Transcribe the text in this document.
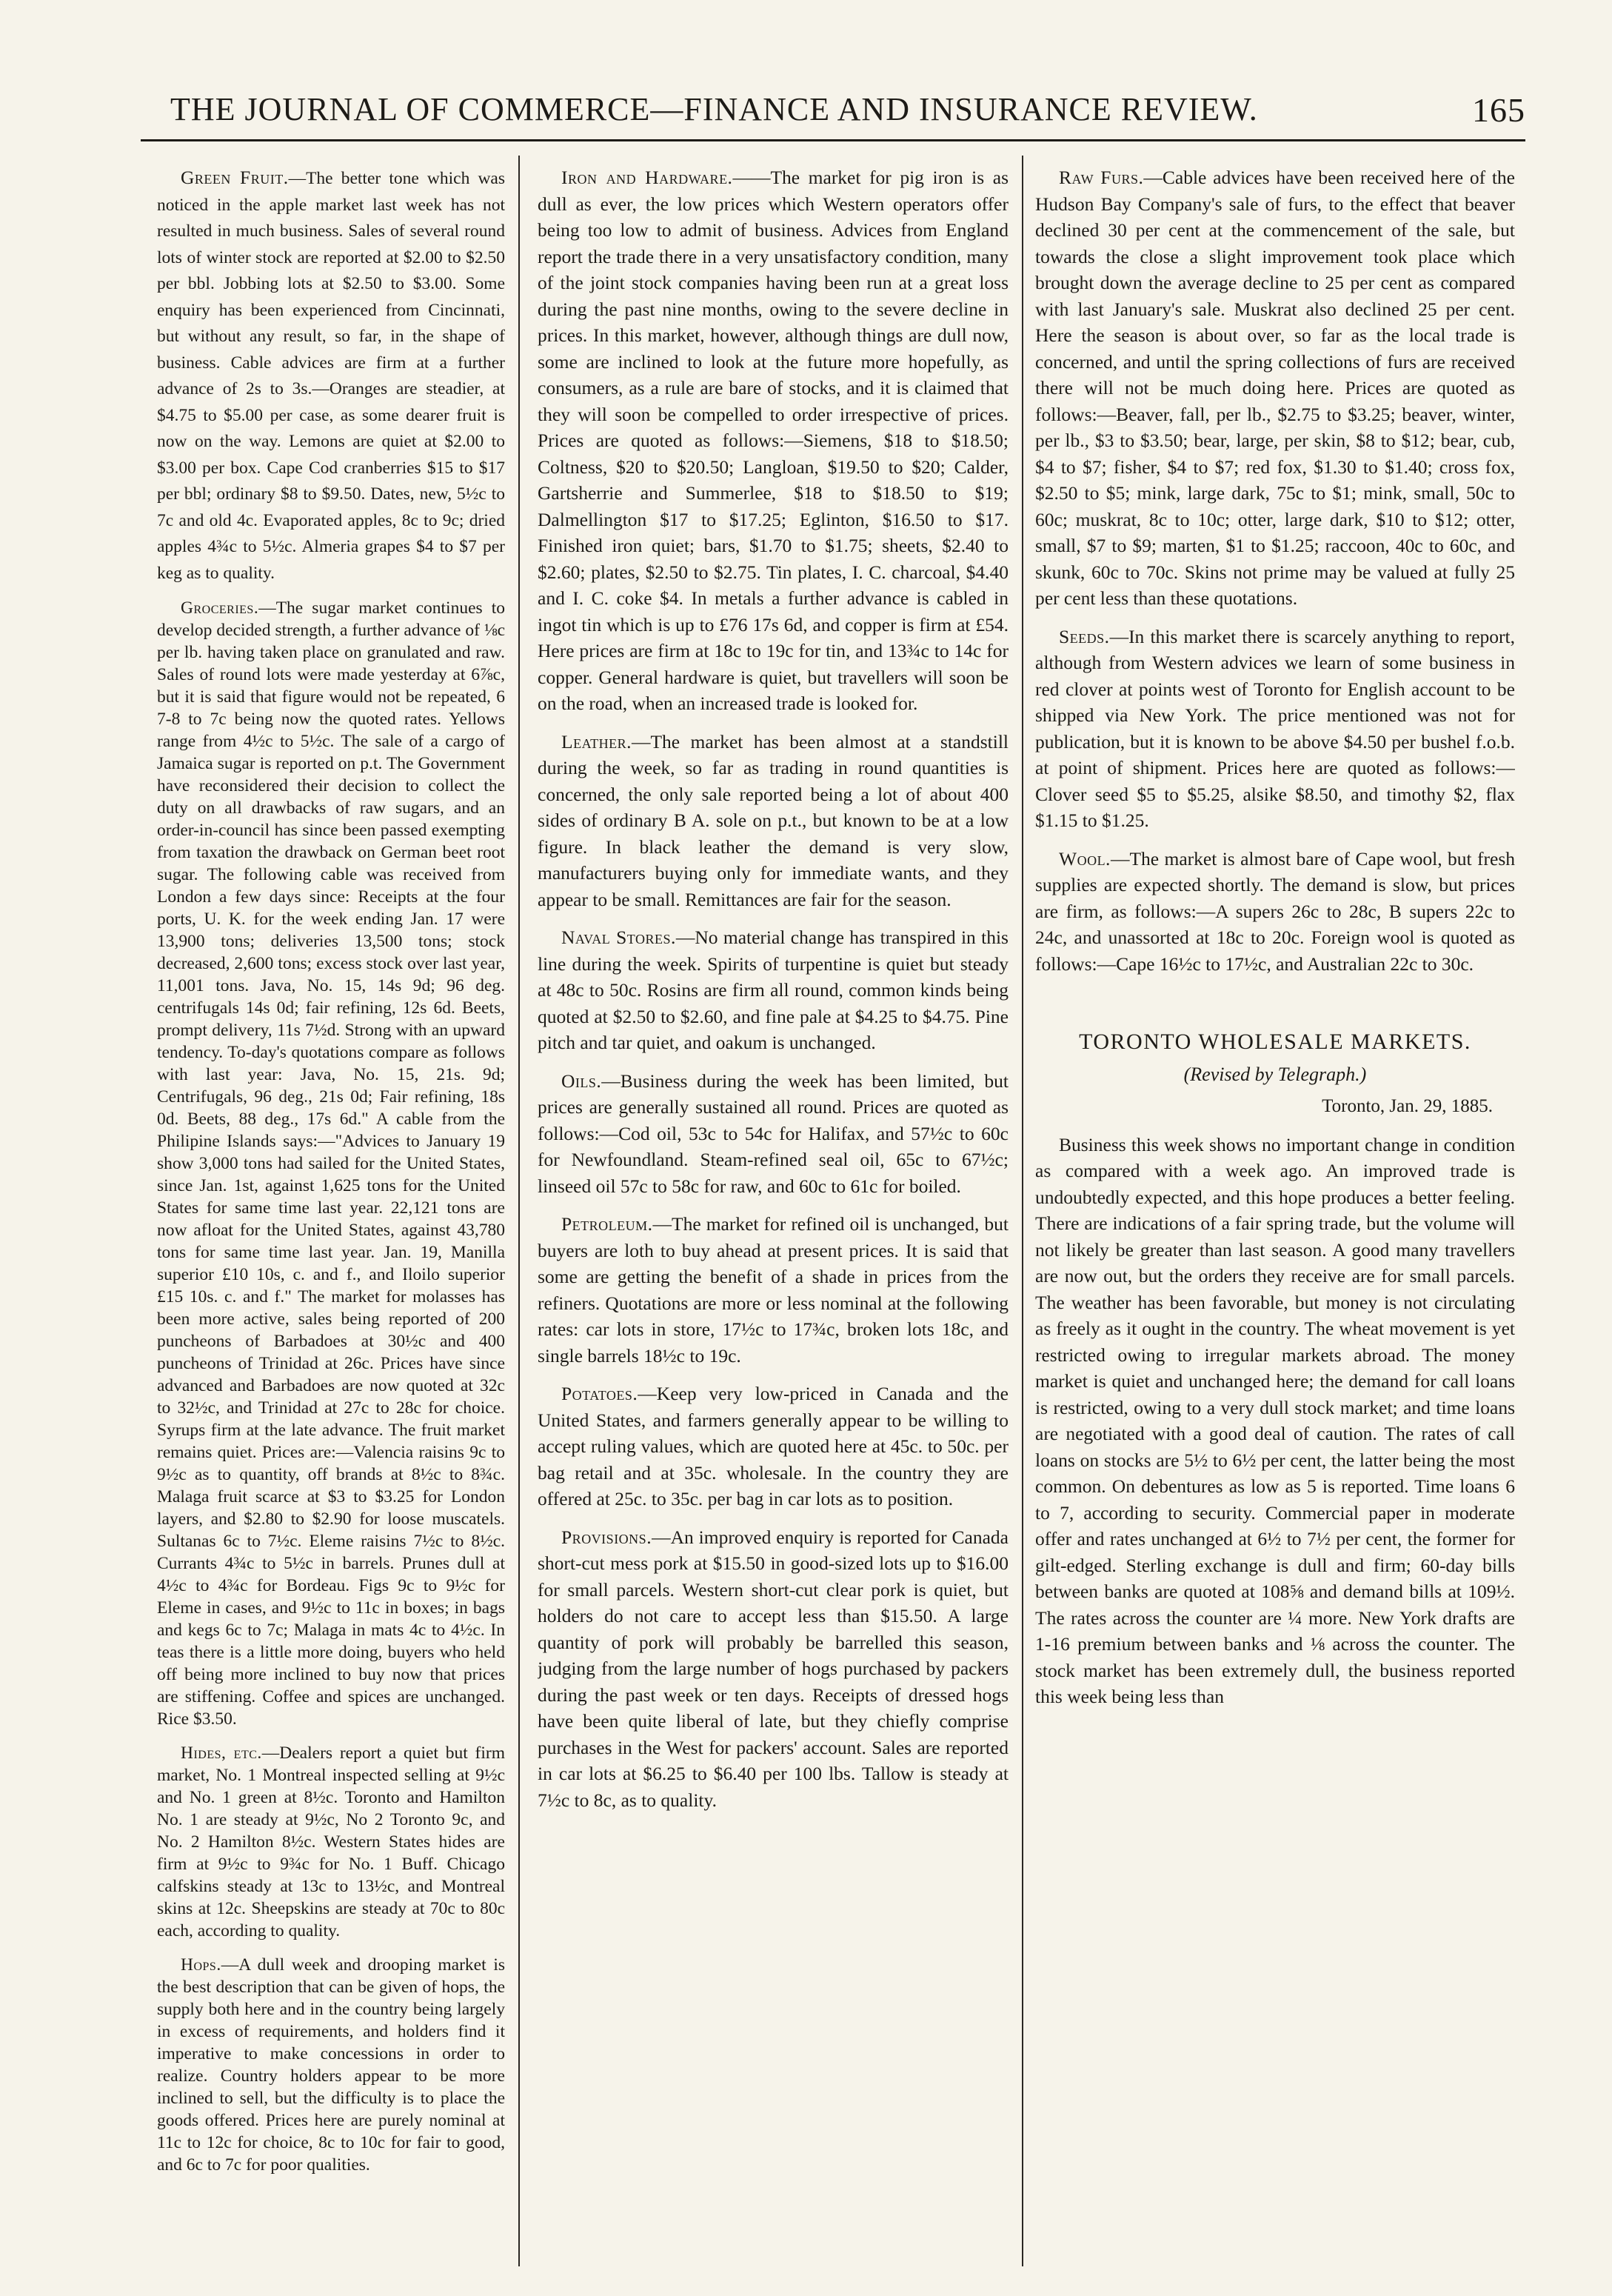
THE JOURNAL OF COMMERCE—FINANCE AND INSURANCE REVIEW.	165

Green Fruit.—The better tone which was noticed in the apple market last week has not resulted in much business. Sales of several round lots of winter stock are reported at $2.00 to $2.50 per bbl. Jobbing lots at $2.50 to $3.00. Some enquiry has been experienced from Cincinnati, but without any result, so far, in the shape of business. Cable advices are firm at a further advance of 2s to 3s.—Oranges are steadier, at $4.75 to $5.00 per case, as some dearer fruit is now on the way. Lemons are quiet at $2.00 to $3.00 per box. Cape Cod cranberries $15 to $17 per bbl; ordinary $8 to $9.50. Dates, new, 5½c to 7c and old 4c. Evaporated apples, 8c to 9c; dried apples 4¾c to 5½c. Almeria grapes $4 to $7 per keg as to quality.

Groceries.—The sugar market continues to develop decided strength, a further advance of ⅛c per lb. having taken place on granulated and raw. Sales of round lots were made yesterday at 6⅞c, but it is said that figure would not be repeated, 6 7-8 to 7c being now the quoted rates. Yellows range from 4½c to 5½c. The sale of a cargo of Jamaica sugar is reported on p.t. The Government have reconsidered their decision to collect the duty on all drawbacks of raw sugars, and an order-in-council has since been passed exempting from taxation the drawback on German beet root sugar. The following cable was received from London a few days since: Receipts at the four ports, U. K. for the week ending Jan. 17 were 13,900 tons; deliveries 13,500 tons; stock decreased, 2,600 tons; excess stock over last year, 11,001 tons. Java, No. 15, 14s 9d; 96 deg. centrifugals 14s 0d; fair refining, 12s 6d. Beets, prompt delivery, 11s 7½d. Strong with an upward tendency. To-day's quotations compare as follows with last year: Java, No. 15, 21s. 9d; Centrifugals, 96 deg., 21s 0d; Fair refining, 18s 0d. Beets, 88 deg., 17s 6d." A cable from the Philipine Islands says:—"Advices to January 19 show 3,000 tons had sailed for the United States, since Jan. 1st, against 1,625 tons for the United States for same time last year. 22,121 tons are now afloat for the United States, against 43,780 tons for same time last year. Jan. 19, Manilla superior £10 10s, c. and f., and Iloilo superior £15 10s. c. and f." The market for molasses has been more active, sales being reported of 200 puncheons of Barbadoes at 30½c and 400 puncheons of Trinidad at 26c. Prices have since advanced and Barbadoes are now quoted at 32c to 32½c, and Trinidad at 27c to 28c for choice. Syrups firm at the late advance. The fruit market remains quiet. Prices are:—Valencia raisins 9c to 9½c as to quantity, off brands at 8½c to 8¾c. Malaga fruit scarce at $3 to $3.25 for London layers, and $2.80 to $2.90 for loose muscatels. Sultanas 6c to 7½c. Eleme raisins 7½c to 8½c. Currants 4¾c to 5½c in barrels. Prunes dull at 4½c to 4¾c for Bordeau. Figs 9c to 9½c for Eleme in cases, and 9½c to 11c in boxes; in bags and kegs 6c to 7c; Malaga in mats 4c to 4½c. In teas there is a little more doing, buyers who held off being more inclined to buy now that prices are stiffening. Coffee and spices are unchanged. Rice $3.50.

Hides, etc.—Dealers report a quiet but firm market, No. 1 Montreal inspected selling at 9½c and No. 1 green at 8½c. Toronto and Hamilton No. 1 are steady at 9½c, No 2 Toronto 9c, and No. 2 Hamilton 8½c. Western States hides are firm at 9½c to 9¾c for No. 1 Buff. Chicago calfskins steady at 13c to 13½c, and Montreal skins at 12c. Sheepskins are steady at 70c to 80c each, according to quality.

Hops.—A dull week and drooping market is the best description that can be given of hops, the supply both here and in the country being largely in excess of requirements, and holders find it imperative to make concessions in order to realize. Country holders appear to be more inclined to sell, but the difficulty is to place the goods offered. Prices here are purely nominal at 11c to 12c for choice, 8c to 10c for fair to good, and 6c to 7c for poor qualities.

Iron and Hardware.——The market for pig iron is as dull as ever, the low prices which Western operators offer being too low to admit of business. Advices from England report the trade there in a very unsatisfactory condition, many of the joint stock companies having been run at a great loss during the past nine months, owing to the severe decline in prices. In this market, however, although things are dull now, some are inclined to look at the future more hopefully, as consumers, as a rule are bare of stocks, and it is claimed that they will soon be compelled to order irrespective of prices. Prices are quoted as follows:—Siemens, $18 to $18.50; Coltness, $20 to $20.50; Langloan, $19.50 to $20; Calder, Gartsherrie and Summerlee, $18 to $18.50 to $19; Dalmellington $17 to $17.25; Eglinton, $16.50 to $17. Finished iron quiet; bars, $1.70 to $1.75; sheets, $2.40 to $2.60; plates, $2.50 to $2.75. Tin plates, I. C. charcoal, $4.40 and I. C. coke $4. In metals a further advance is cabled in ingot tin which is up to £76 17s 6d, and copper is firm at £54. Here prices are firm at 18c to 19c for tin, and 13¾c to 14c for copper. General hardware is quiet, but travellers will soon be on the road, when an increased trade is looked for.

Leather.—The market has been almost at a standstill during the week, so far as trading in round quantities is concerned, the only sale reported being a lot of about 400 sides of ordinary B A. sole on p.t., but known to be at a low figure. In black leather the demand is very slow, manufacturers buying only for immediate wants, and they appear to be small. Remittances are fair for the season.

Naval Stores.—No material change has transpired in this line during the week. Spirits of turpentine is quiet but steady at 48c to 50c. Rosins are firm all round, common kinds being quoted at $2.50 to $2.60, and fine pale at $4.25 to $4.75. Pine pitch and tar quiet, and oakum is unchanged.

Oils.—Business during the week has been limited, but prices are generally sustained all round. Prices are quoted as follows:—Cod oil, 53c to 54c for Halifax, and 57½c to 60c for Newfoundland. Steam-refined seal oil, 65c to 67½c; linseed oil 57c to 58c for raw, and 60c to 61c for boiled.

Petroleum.—The market for refined oil is unchanged, but buyers are loth to buy ahead at present prices. It is said that some are getting the benefit of a shade in prices from the refiners. Quotations are more or less nominal at the following rates: car lots in store, 17½c to 17¾c, broken lots 18c, and single barrels 18½c to 19c.

Potatoes.—Keep very low-priced in Canada and the United States, and farmers generally appear to be willing to accept ruling values, which are quoted here at 45c. to 50c. per bag retail and at 35c. wholesale. In the country they are offered at 25c. to 35c. per bag in car lots as to position.

Provisions.—An improved enquiry is reported for Canada short-cut mess pork at $15.50 in good-sized lots up to $16.00 for small parcels. Western short-cut clear pork is quiet, but holders do not care to accept less than $15.50. A large quantity of pork will probably be barrelled this season, judging from the large number of hogs purchased by packers during the past week or ten days. Receipts of dressed hogs have been quite liberal of late, but they chiefly comprise purchases in the West for packers' account. Sales are reported in car lots at $6.25 to $6.40 per 100 lbs. Tallow is steady at 7½c to 8c, as to quality.

Raw Furs.—Cable advices have been received here of the Hudson Bay Company's sale of furs, to the effect that beaver declined 30 per cent at the commencement of the sale, but towards the close a slight improvement took place which brought down the average decline to 25 per cent as compared with last January's sale. Muskrat also declined 25 per cent. Here the season is about over, so far as the local trade is concerned, and until the spring collections of furs are received there will not be much doing here. Prices are quoted as follows:—Beaver, fall, per lb., $2.75 to $3.25; beaver, winter, per lb., $3 to $3.50; bear, large, per skin, $8 to $12; bear, cub, $4 to $7; fisher, $4 to $7; red fox, $1.30 to $1.40; cross fox, $2.50 to $5; mink, large dark, 75c to $1; mink, small, 50c to 60c; muskrat, 8c to 10c; otter, large dark, $10 to $12; otter, small, $7 to $9; marten, $1 to $1.25; raccoon, 40c to 60c, and skunk, 60c to 70c. Skins not prime may be valued at fully 25 per cent less than these quotations.

Seeds.—In this market there is scarcely anything to report, although from Western advices we learn of some business in red clover at points west of Toronto for English account to be shipped via New York. The price mentioned was not for publication, but it is known to be above $4.50 per bushel f.o.b. at point of shipment. Prices here are quoted as follows:—Clover seed $5 to $5.25, alsike $8.50, and timothy $2, flax $1.15 to $1.25.

Wool.—The market is almost bare of Cape wool, but fresh supplies are expected shortly. The demand is slow, but prices are firm, as follows:—A supers 26c to 28c, B supers 22c to 24c, and unassorted at 18c to 20c. Foreign wool is quoted as follows:—Cape 16½c to 17½c, and Australian 22c to 30c.

TORONTO WHOLESALE MARKETS.
(Revised by Telegraph.)
Toronto, Jan. 29, 1885.

Business this week shows no important change in condition as compared with a week ago. An improved trade is undoubtedly expected, and this hope produces a better feeling. There are indications of a fair spring trade, but the volume will not likely be greater than last season. A good many travellers are now out, but the orders they receive are for small parcels. The weather has been favorable, but money is not circulating as freely as it ought in the country. The wheat movement is yet restricted owing to irregular markets abroad. The money market is quiet and unchanged here; the demand for call loans is restricted, owing to a very dull stock market; and time loans are negotiated with a good deal of caution. The rates of call loans on stocks are 5½ to 6½ per cent, the latter being the most common. On debentures as low as 5 is reported. Time loans 6 to 7, according to security. Commercial paper in moderate offer and rates unchanged at 6½ to 7½ per cent, the former for gilt-edged. Sterling exchange is dull and firm; 60-day bills between banks are quoted at 108⅝ and demand bills at 109½. The rates across the counter are ¼ more. New York drafts are 1-16 premium between banks and ⅛ across the counter. The stock market has been extremely dull, the business reported this week being less than
